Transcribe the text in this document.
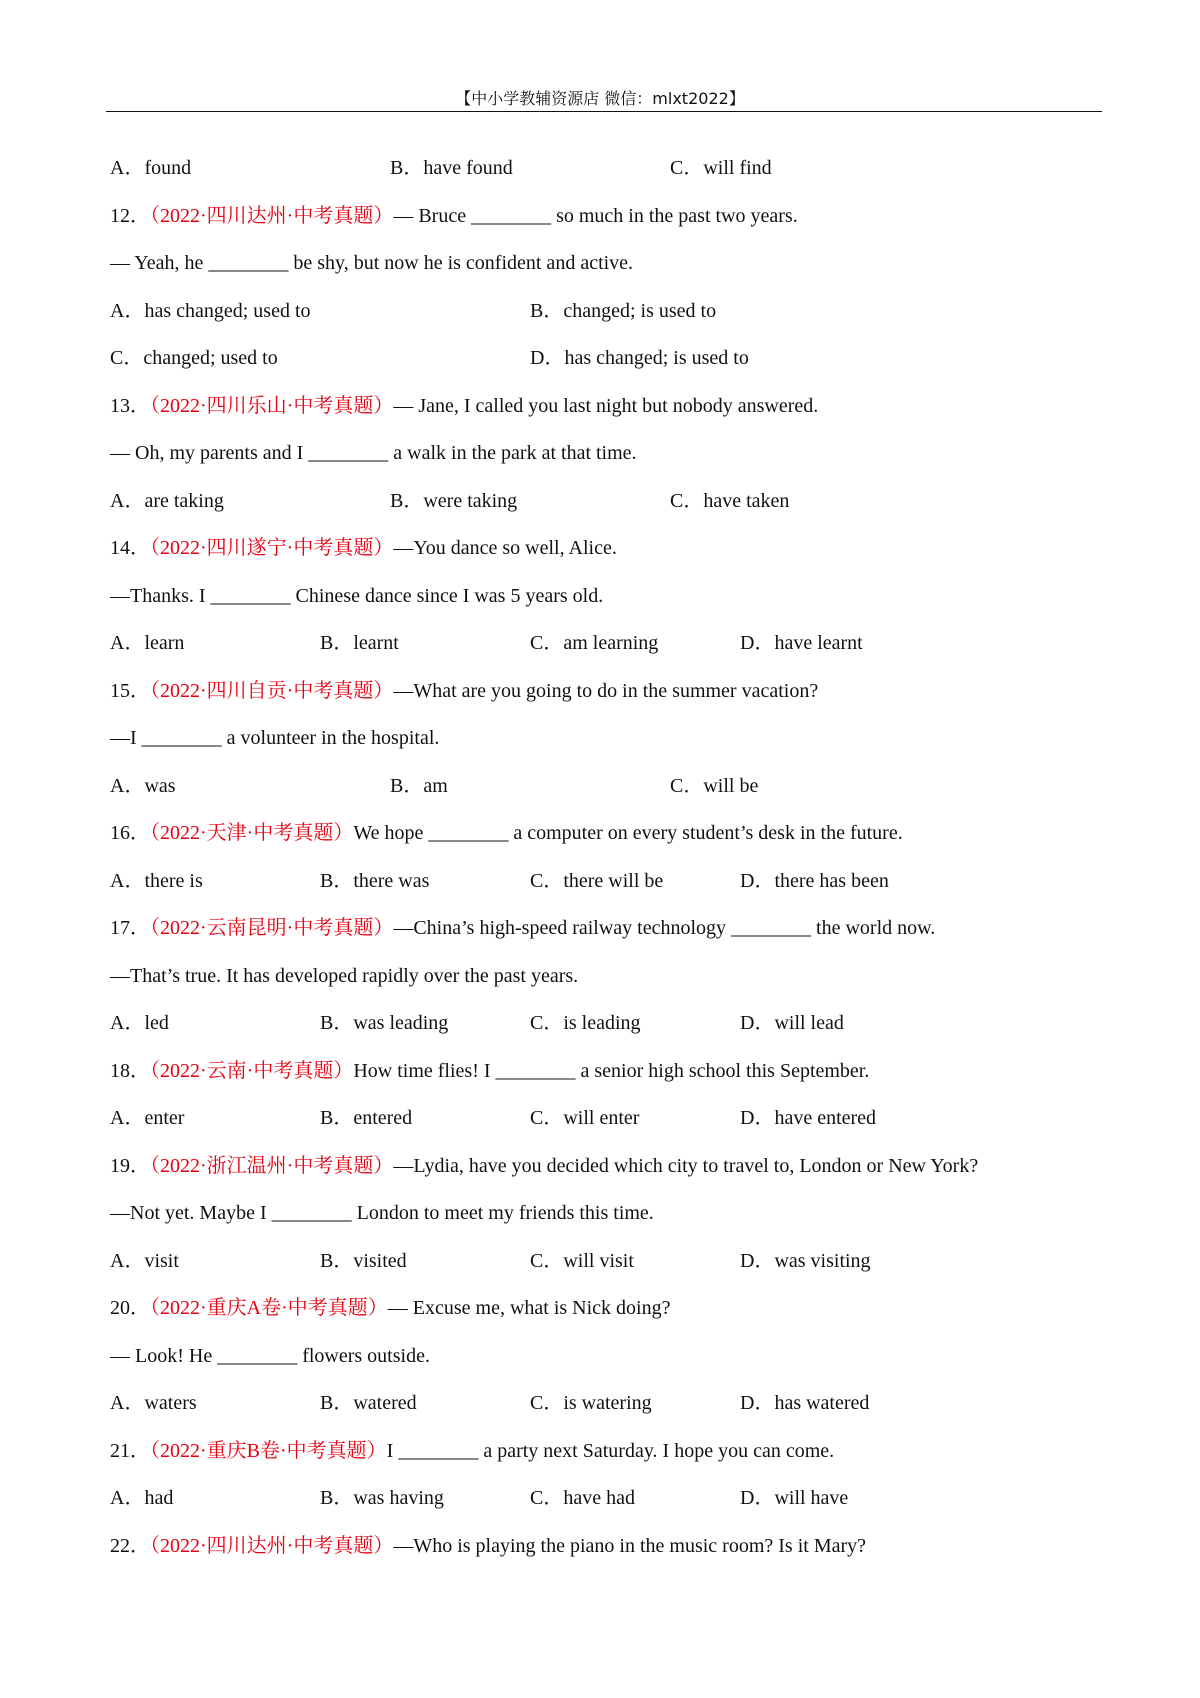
【中小学教辅资源店 微信：mlxt2022】
A．found	B．have found	C．will find
12．（2022·四川达州·中考真题）— Bruce ________ so much in the past two years.
— Yeah, he ________ be shy, but now he is confident and active.
A．has changed; used to	B．changed; is used to
C．changed; used to	D．has changed; is used to
13．（2022·四川乐山·中考真题）— Jane, I called you last night but nobody answered.
— Oh, my parents and I ________ a walk in the park at that time.
A．are taking	B．were taking	C．have taken
14．（2022·四川遂宁·中考真题）—You dance so well, Alice.
—Thanks. I ________ Chinese dance since I was 5 years old.
A．learn	B．learnt	C．am learning	D．have learnt
15．（2022·四川自贡·中考真题）—What are you going to do in the summer vacation?
—I ________ a volunteer in the hospital.
A．was	B．am	C．will be
16．（2022·天津·中考真题）We hope ________ a computer on every student’s desk in the future.
A．there is	B．there was	C．there will be	D．there has been
17．（2022·云南昆明·中考真题）—China’s high-speed railway technology ________ the world now.
—That’s true. It has developed rapidly over the past years.
A．led	B．was leading	C．is leading	D．will lead
18．（2022·云南·中考真题）How time flies! I ________ a senior high school this September.
A．enter	B．entered	C．will enter	D．have entered
19．（2022·浙江温州·中考真题）—Lydia, have you decided which city to travel to, London or New York?
—Not yet. Maybe I ________ London to meet my friends this time.
A．visit	B．visited	C．will visit	D．was visiting
20．（2022·重庆A卷·中考真题）— Excuse me, what is Nick doing?
— Look! He ________ flowers outside.
A．waters	B．watered	C．is watering	D．has watered
21．（2022·重庆B卷·中考真题）I ________ a party next Saturday. I hope you can come.
A．had	B．was having	C．have had	D．will have
22．（2022·四川达州·中考真题）—Who is playing the piano in the music room? Is it Mary?
